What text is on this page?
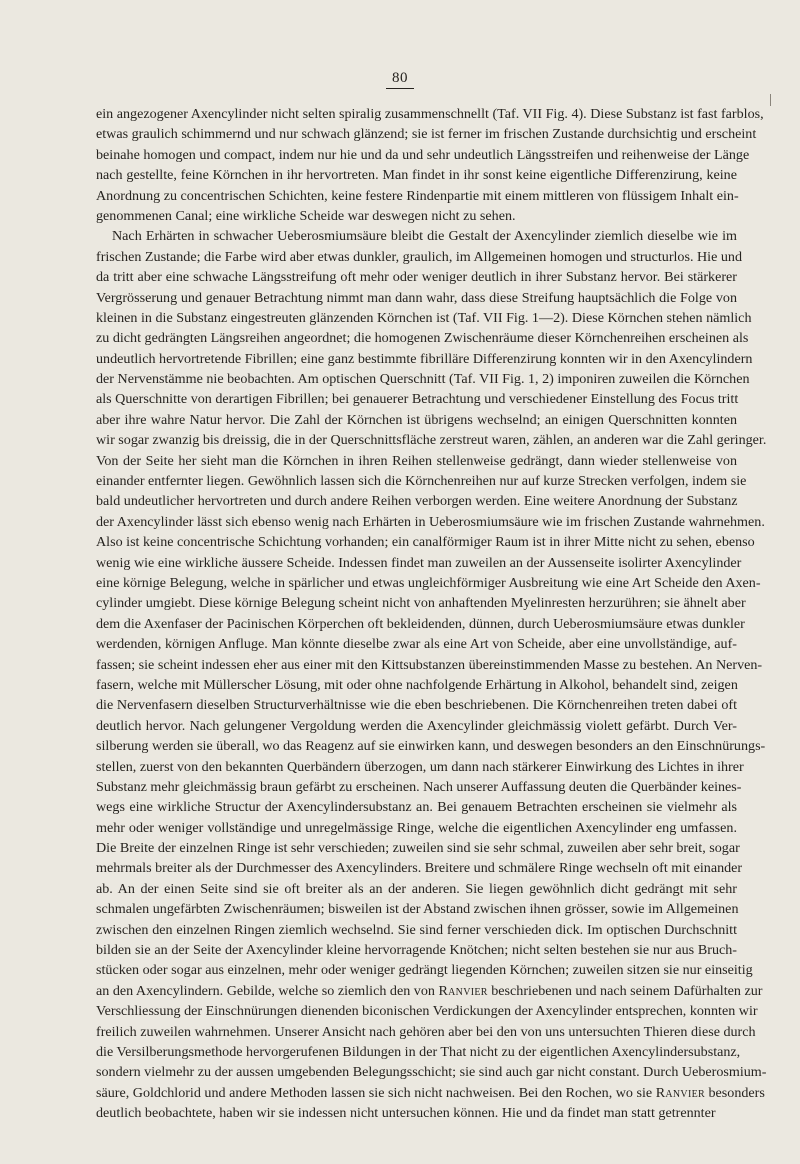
80
ein angezogener Axencylinder nicht selten spiralig zusammenschnellt (Taf. VII Fig. 4). Diese Substanz ist fast farblos,
etwas graulich schimmernd und nur schwach glänzend; sie ist ferner im frischen Zustande durchsichtig und erscheint
beinahe homogen und compact, indem nur hie und da und sehr undeutlich Längsstreifen und reihenweise der Länge
nach gestellte, feine Körnchen in ihr hervortreten. Man findet in ihr sonst keine eigentliche Differenzirung, keine
Anordnung zu concentrischen Schichten, keine festere Rindenpartie mit einem mittleren von flüssigem Inhalt ein-
genommenen Canal; eine wirkliche Scheide war deswegen nicht zu sehen.
Nach Erhärten in schwacher Ueberosmiumsäure bleibt die Gestalt der Axencylinder ziemlich dieselbe wie im
frischen Zustande; die Farbe wird aber etwas dunkler, graulich, im Allgemeinen homogen und structurlos. Hie und
da tritt aber eine schwache Längsstreifung oft mehr oder weniger deutlich in ihrer Substanz hervor. Bei stärkerer
Vergrösserung und genauer Betrachtung nimmt man dann wahr, dass diese Streifung hauptsächlich die Folge von
kleinen in die Substanz eingestreuten glänzenden Körnchen ist (Taf. VII Fig. 1—2). Diese Körnchen stehen nämlich
zu dicht gedrängten Längsreihen angeordnet; die homogenen Zwischenräume dieser Körnchenreihen erscheinen als
undeutlich hervortretende Fibrillen; eine ganz bestimmte fibrilläre Differenzirung konnten wir in den Axencylindern
der Nervenstämme nie beobachten. Am optischen Querschnitt (Taf. VII Fig. 1, 2) imponiren zuweilen die Körnchen
als Querschnitte von derartigen Fibrillen; bei genauerer Betrachtung und verschiedener Einstellung des Focus tritt
aber ihre wahre Natur hervor. Die Zahl der Körnchen ist übrigens wechselnd; an einigen Querschnitten konnten
wir sogar zwanzig bis dreissig, die in der Querschnittsfläche zerstreut waren, zählen, an anderen war die Zahl geringer.
Von der Seite her sieht man die Körnchen in ihren Reihen stellenweise gedrängt, dann wieder stellenweise von
einander entfernter liegen. Gewöhnlich lassen sich die Körnchenreihen nur auf kurze Strecken verfolgen, indem sie
bald undeutlicher hervortreten und durch andere Reihen verborgen werden. Eine weitere Anordnung der Substanz
der Axencylinder lässt sich ebenso wenig nach Erhärten in Ueberosmiumsäure wie im frischen Zustande wahrnehmen.
Also ist keine concentrische Schichtung vorhanden; ein canalförmiger Raum ist in ihrer Mitte nicht zu sehen, ebenso
wenig wie eine wirkliche äussere Scheide. Indessen findet man zuweilen an der Aussenseite isolirter Axencylinder
eine körnige Belegung, welche in spärlicher und etwas ungleichförmiger Ausbreitung wie eine Art Scheide den Axen-
cylinder umgiebt. Diese körnige Belegung scheint nicht von anhaftenden Myelinresten herzurühren; sie ähnelt aber
dem die Axenfaser der Pacinischen Körperchen oft bekleidenden, dünnen, durch Ueberosmiumsäure etwas dunkler
werdenden, körnigen Anfluge. Man könnte dieselbe zwar als eine Art von Scheide, aber eine unvollständige, auf-
fassen; sie scheint indessen eher aus einer mit den Kittsubstanzen übereinstimmenden Masse zu bestehen. An Nerven-
fasern, welche mit Müllerscher Lösung, mit oder ohne nachfolgende Erhärtung in Alkohol, behandelt sind, zeigen
die Nervenfasern dieselben Structurverhältnisse wie die eben beschriebenen. Die Körnchenreihen treten dabei oft
deutlich hervor. Nach gelungener Vergoldung werden die Axencylinder gleichmässig violett gefärbt. Durch Ver-
silberung werden sie überall, wo das Reagenz auf sie einwirken kann, und deswegen besonders an den Einschnürungs-
stellen, zuerst von den bekannten Querbändern überzogen, um dann nach stärkerer Einwirkung des Lichtes in ihrer
Substanz mehr gleichmässig braun gefärbt zu erscheinen. Nach unserer Auffassung deuten die Querbänder keines-
wegs eine wirkliche Structur der Axencylindersubstanz an. Bei genauem Betrachten erscheinen sie vielmehr als
mehr oder weniger vollständige und unregelmässige Ringe, welche die eigentlichen Axencylinder eng umfassen.
Die Breite der einzelnen Ringe ist sehr verschieden; zuweilen sind sie sehr schmal, zuweilen aber sehr breit, sogar
mehrmals breiter als der Durchmesser des Axencylinders. Breitere und schmälere Ringe wechseln oft mit einander
ab. An der einen Seite sind sie oft breiter als an der anderen. Sie liegen gewöhnlich dicht gedrängt mit sehr
schmalen ungefärbten Zwischenräumen; bisweilen ist der Abstand zwischen ihnen grösser, sowie im Allgemeinen
zwischen den einzelnen Ringen ziemlich wechselnd. Sie sind ferner verschieden dick. Im optischen Durchschnitt
bilden sie an der Seite der Axencylinder kleine hervorragende Knötchen; nicht selten bestehen sie nur aus Bruch-
stücken oder sogar aus einzelnen, mehr oder weniger gedrängt liegenden Körnchen; zuweilen sitzen sie nur einseitig
an den Axencylindern. Gebilde, welche so ziemlich den von Ranvier beschriebenen und nach seinem Dafürhalten zur
Verschliessung der Einschnürungen dienenden biconischen Verdickungen der Axencylinder entsprechen, konnten wir
freilich zuweilen wahrnehmen. Unserer Ansicht nach gehören aber bei den von uns untersuchten Thieren diese durch
die Versilberungsmethode hervorgerufenen Bildungen in der That nicht zu der eigentlichen Axencylindersubstanz,
sondern vielmehr zu der aussen umgebenden Belegungsschicht; sie sind auch gar nicht constant. Durch Ueberosmium-
säure, Goldchlorid und andere Methoden lassen sie sich nicht nachweisen. Bei den Rochen, wo sie Ranvier besonders
deutlich beobachtete, haben wir sie indessen nicht untersuchen können. Hie und da findet man statt getrennter
